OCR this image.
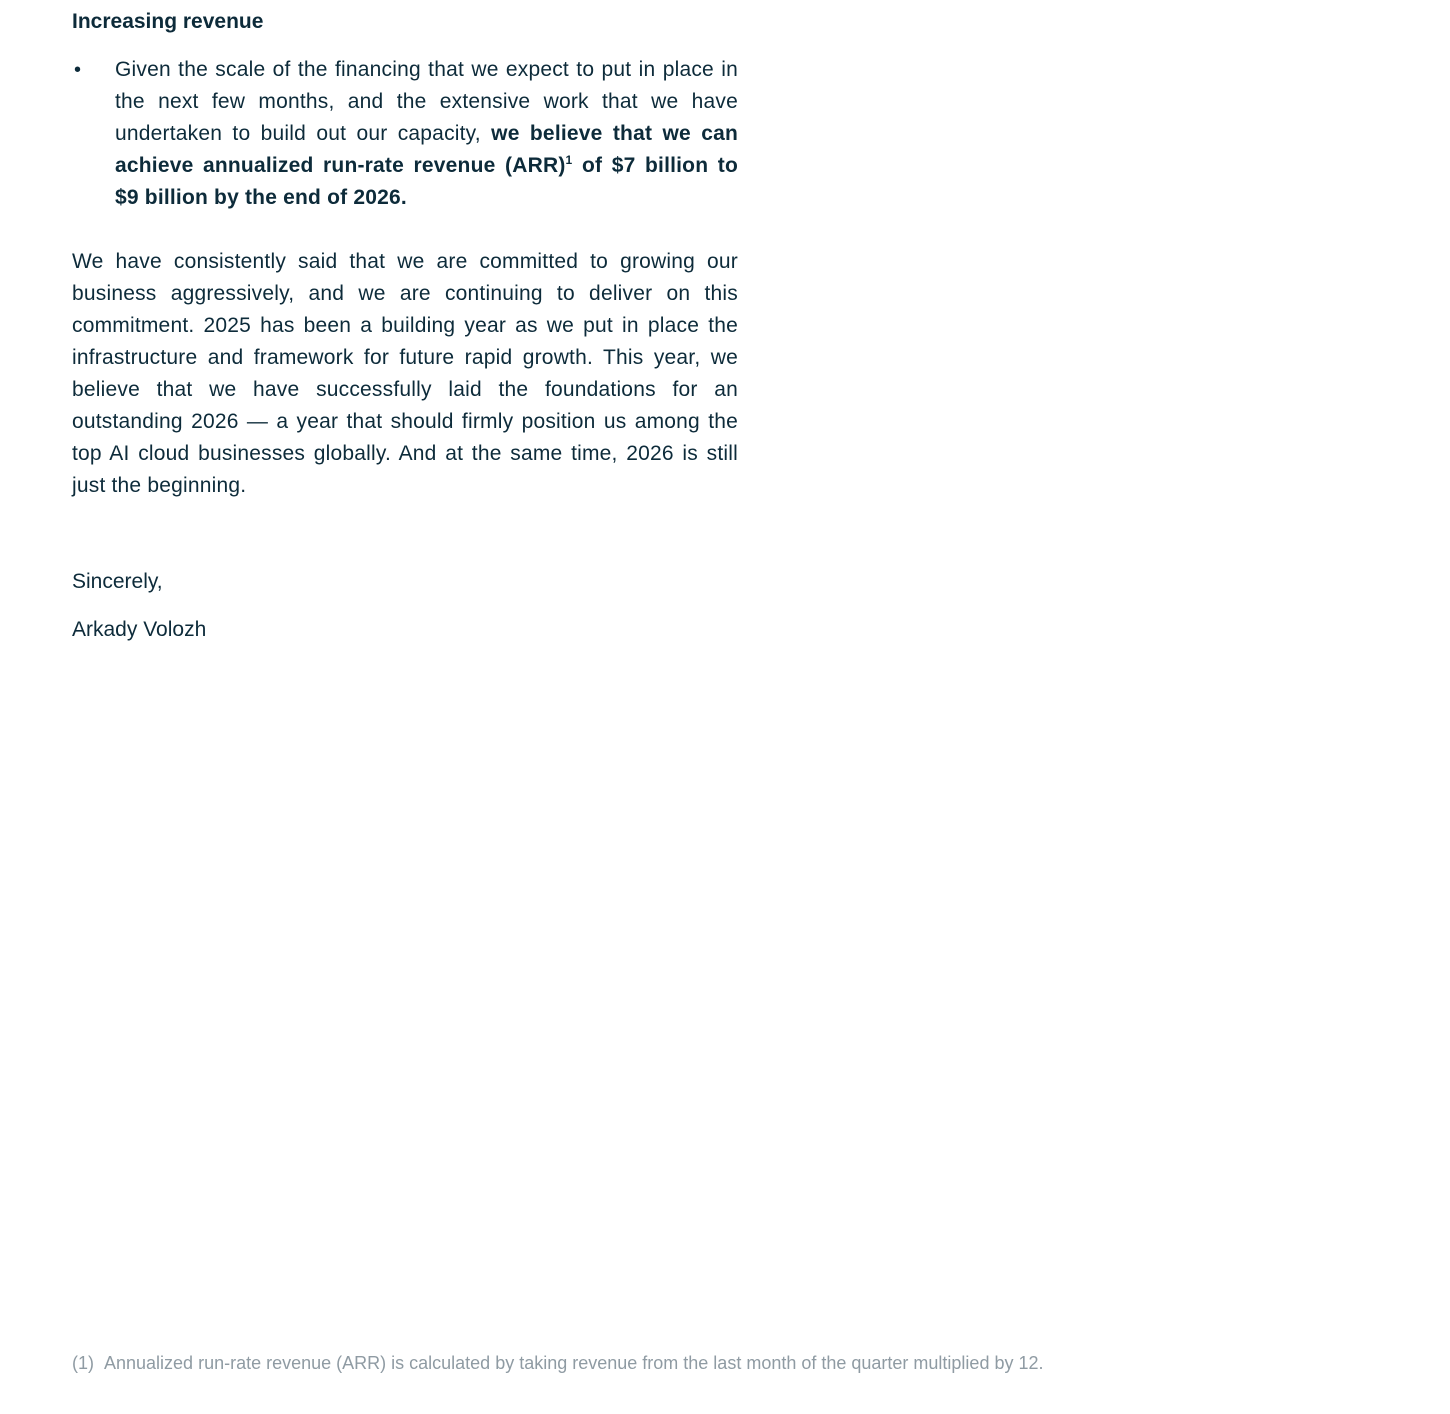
Increasing revenue
• Given the scale of the financing that we expect to put in place in the next few months, and the extensive work that we have undertaken to build out our capacity, we believe that we can achieve annualized run-rate revenue (ARR)$^1$ of $7 billion to $9 billion by the end of 2026.

We have consistently said that we are committed to growing our business aggressively, and we are continuing to deliver on this commitment. 2025 has been a building year as we put in place the infrastructure and framework for future rapid growth. This year, we believe that we have successfully laid the foundations for an outstanding 2026 — a year that should firmly position us among the top AI cloud businesses globally. And at the same time, 2026 is still just the beginning.

Sincerely,

Arkady Volozh

(1) Annualized run-rate revenue (ARR) is calculated by taking revenue from the last month of the quarter multiplied by 12.
